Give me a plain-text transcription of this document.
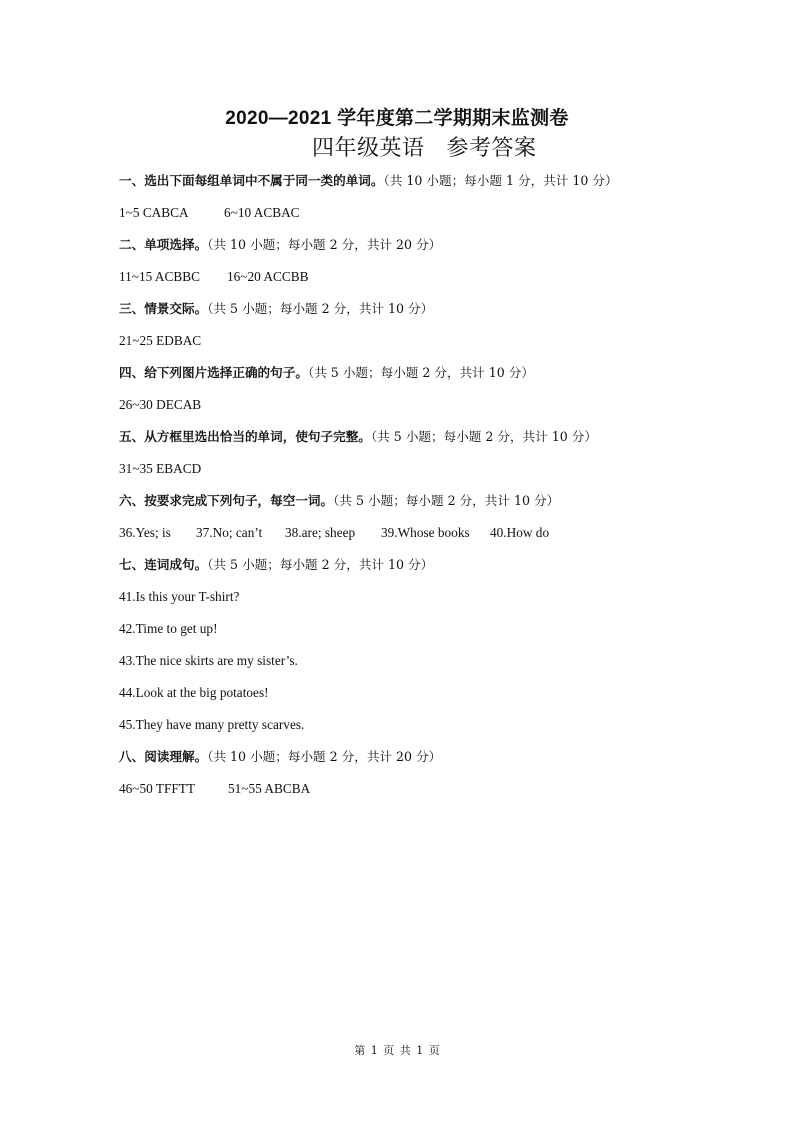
2020—2021 学年度第二学期期末监测卷
四年级英语 参考答案
一、选出下面每组单词中不属于同一类的单词。（共 10 小题；每小题 1 分，共计 10 分）
1~5 CABCA	6~10 ACBAC
二、单项选择。（共 10 小题；每小题 2 分，共计 20 分）
11~15 ACBBC 16~20 ACCBB
三、情景交际。（共 5 小题；每小题 2 分，共计 10 分）
21~25 EDBAC
四、给下列图片选择正确的句子。（共 5 小题；每小题 2 分，共计 10 分）
26~30 DECAB
五、从方框里选出恰当的单词，使句子完整。（共 5 小题；每小题 2 分，共计 10 分）
31~35 EBACD
六、按要求完成下列句子，每空一词。（共 5 小题；每小题 2 分，共计 10 分）
36.Yes; is 37.No; can’t 38.are; sheep 39.Whose books 40.How do
七、连词成句。（共 5 小题；每小题 2 分，共计 10 分）
41.Is this your T-shirt?
42.Time to get up!
43.The nice skirts are my sister’s.
44.Look at the big potatoes!
45.They have many pretty scarves.
八、阅读理解。（共 10 小题；每小题 2 分，共计 20 分）
46~50 TFFTT 51~55 ABCBA
第 1 页 共 1 页
